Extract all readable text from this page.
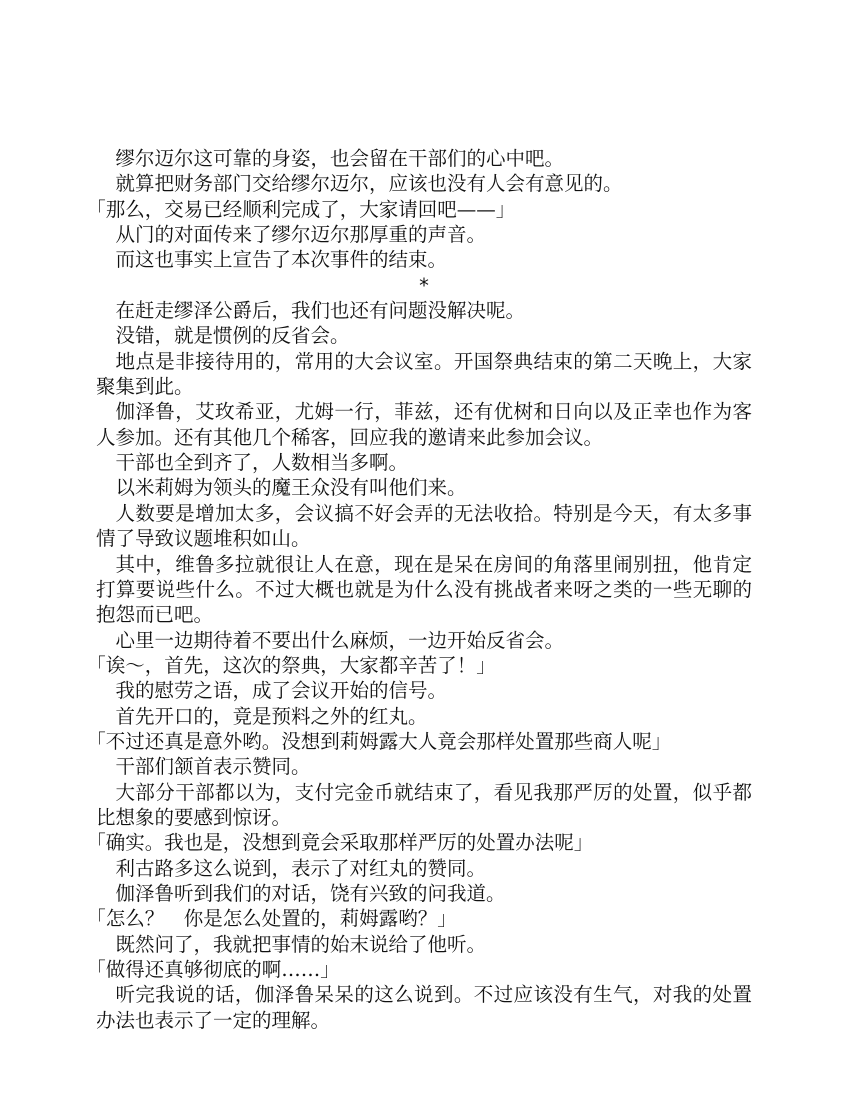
缪尔迈尔这可靠的身姿，也会留在干部们的心中吧。

就算把财务部门交给缪尔迈尔，应该也没有人会有意见的。

「那么，交易已经顺利完成了，大家请回吧——」

从门的对面传来了缪尔迈尔那厚重的声音。

而这也事实上宣告了本次事件的结束。

*

在赶走缪泽公爵后，我们也还有问题没解决呢。

没错，就是惯例的反省会。

地点是非接待用的，常用的大会议室。开国祭典结束的第二天晚上，大家聚集到此。

伽泽鲁，艾玫希亚，尤姆一行，菲兹，还有优树和日向以及正幸也作为客人参加。还有其他几个稀客，回应我的邀请来此参加会议。

干部也全到齐了，人数相当多啊。

以米莉姆为领头的魔王众没有叫他们来。

人数要是增加太多，会议搞不好会弄的无法收拾。特别是今天，有太多事情了导致议题堆积如山。

其中，维鲁多拉就很让人在意，现在是呆在房间的角落里闹别扭，他肯定打算要说些什么。不过大概也就是为什么没有挑战者来呀之类的一些无聊的抱怨而已吧。

心里一边期待着不要出什么麻烦，一边开始反省会。

「诶～，首先，这次的祭典，大家都辛苦了！」

我的慰劳之语，成了会议开始的信号。

首先开口的，竟是预料之外的红丸。

「不过还真是意外哟。没想到莉姆露大人竟会那样处置那些商人呢」

干部们颔首表示赞同。

大部分干部都以为，支付完金币就结束了，看见我那严厉的处置，似乎都比想象的要感到惊讶。

「确实。我也是，没想到竟会采取那样严厉的处置办法呢」

利古路多这么说到，表示了对红丸的赞同。

伽泽鲁听到我们的对话，饶有兴致的问我道。

「怎么？　你是怎么处置的，莉姆露哟？」

既然问了，我就把事情的始末说给了他听。

「做得还真够彻底的啊……」

听完我说的话，伽泽鲁呆呆的这么说到。不过应该没有生气，对我的处置办法也表示了一定的理解。
